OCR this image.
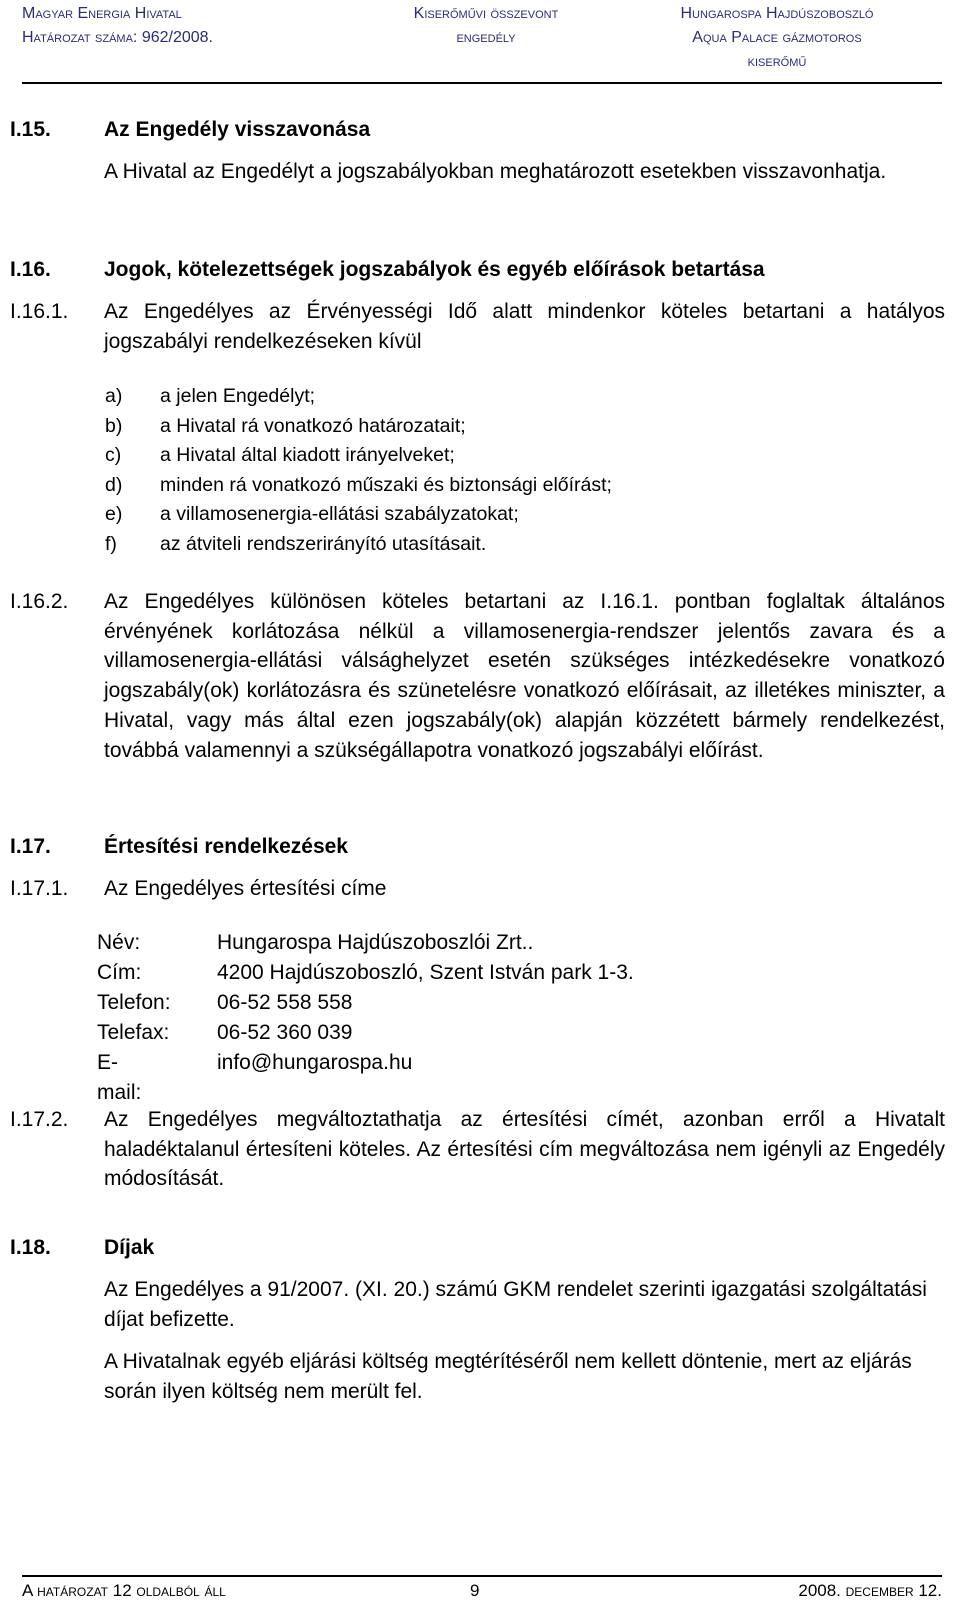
Magyar Energia Hivatal
Határozat száma: 962/2008.
Kiserőművi összevont
engedély
Hungarospa Hajdúszoboszló
Aqua Palace gázmotoros
kiserőmű
I.15.	Az Engedély visszavonása
A Hivatal az Engedélyt a jogszabályokban meghatározott esetekben visszavonhatja.
I.16.	Jogok, kötelezettségek jogszabályok és egyéb előírások betartása
I.16.1. Az Engedélyes az Érvényességi Idő alatt mindenkor köteles betartani a hatályos jogszabályi rendelkezéseken kívül
a) a jelen Engedélyt;
b) a Hivatal rá vonatkozó határozatait;
c) a Hivatal által kiadott irányelveket;
d) minden rá vonatkozó műszaki és biztonsági előírást;
e) a villamosenergia-ellátási szabályzatokat;
f) az átviteli rendszerirányító utasításait.
I.16.2. Az Engedélyes különösen köteles betartani az I.16.1. pontban foglaltak általános érvényének korlátozása nélkül a villamosenergia-rendszer jelentős zavara és a villamosenergia-ellátási válsághelyzet esetén szükséges intézkedésekre vonatkozó jogszabály(ok) korlátozásra és szünetelésre vonatkozó előírásait, az illetékes miniszter, a Hivatal, vagy más által ezen jogszabály(ok) alapján közzétett bármely rendelkezést, továbbá valamennyi a szükségállapotra vonatkozó jogszabályi előírást.
I.17.	Értesítési rendelkezések
I.17.1. Az Engedélyes értesítési címe
Név:	Hungarospa Hajdúszoboszlói Zrt..
Cím:	4200 Hajdúszoboszló, Szent István park 1-3.
Telefon: 06-52 558 558
Telefax: 06-52 360 039
E-mail:
info@hungarospa.hu
I.17.2. Az Engedélyes megváltoztathatja az értesítési címét, azonban erről a Hivatalt haladéktalanul értesíteni köteles. Az értesítési cím megváltozása nem igényli az Engedély módosítását.
I.18.	Díjak
Az Engedélyes a 91/2007. (XI. 20.) számú GKM rendelet szerinti igazgatási szolgáltatási díjat befizette.
A Hivatalnak egyéb eljárási költség megtérítéséről nem kellett döntenie, mert az eljárás során ilyen költség nem merült fel.
A határozat 12 oldalból áll	9	2008. december 12.
